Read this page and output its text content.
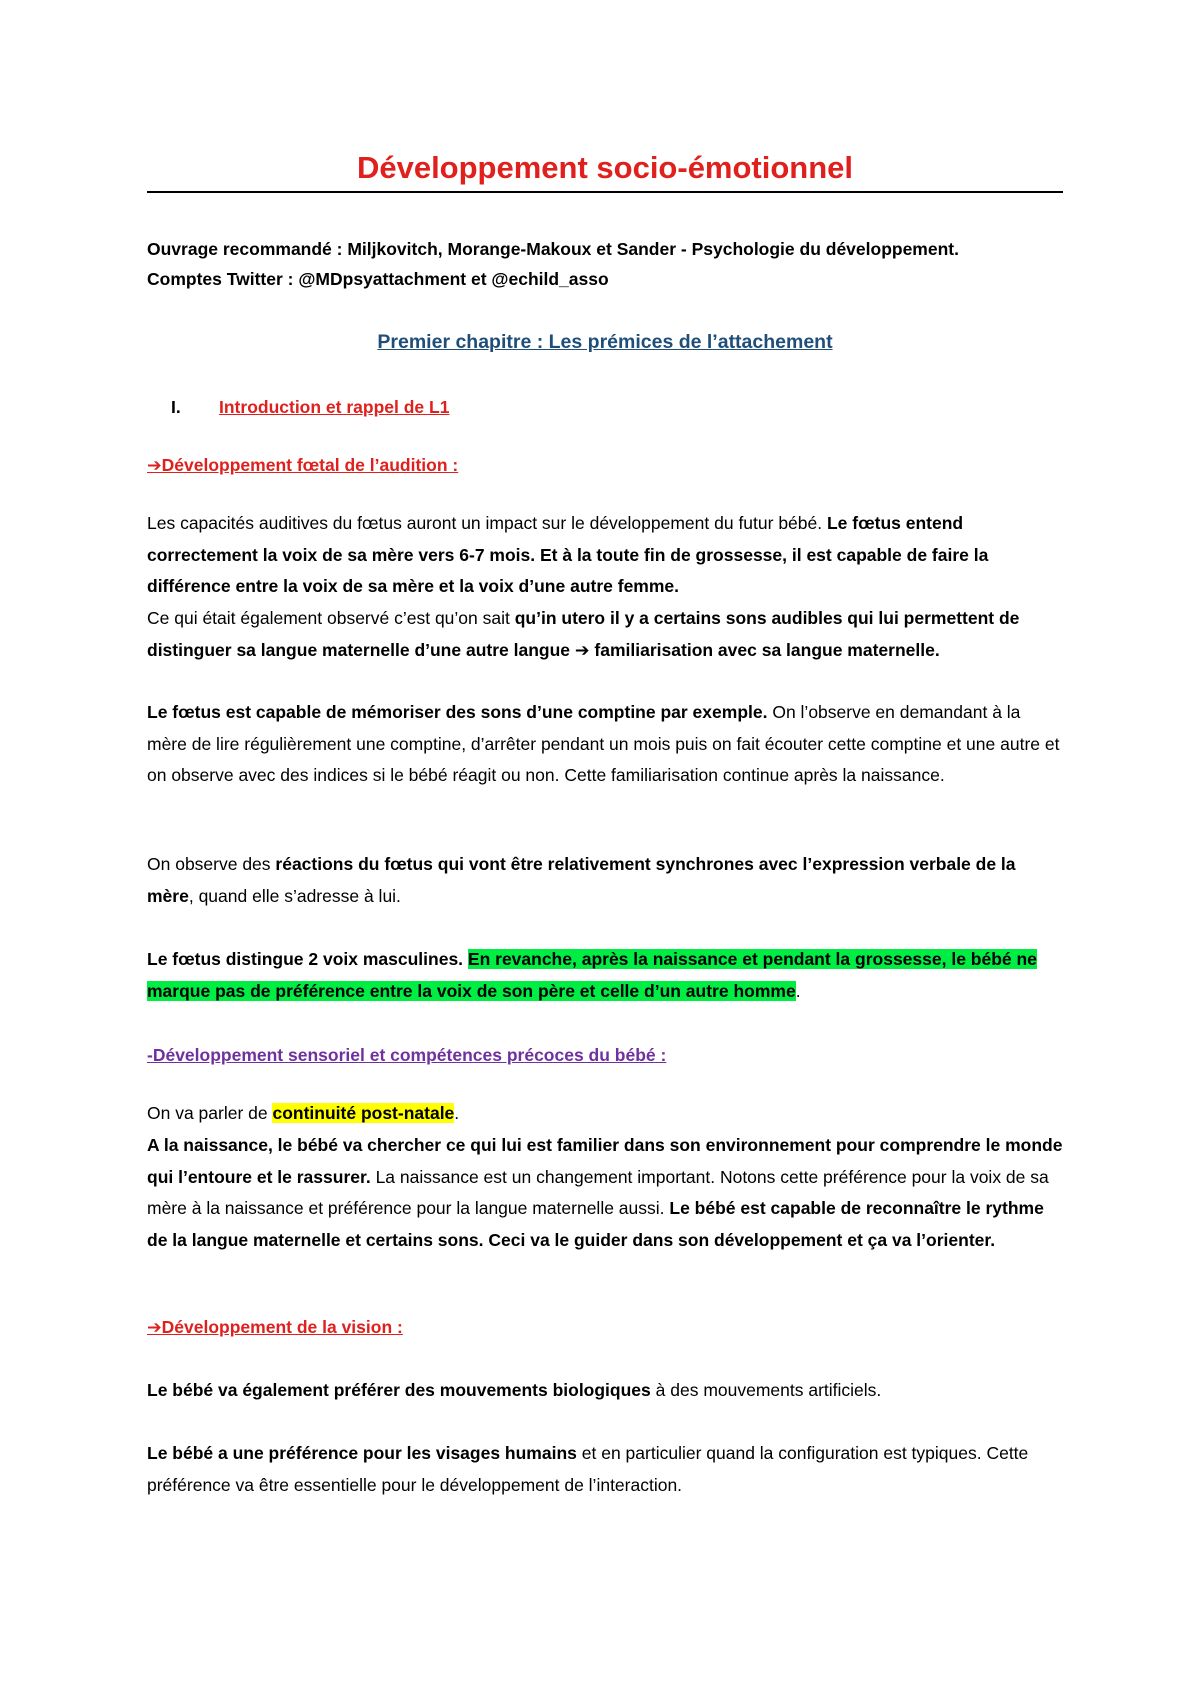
Développement socio-émotionnel
Ouvrage recommandé : Miljkovitch, Morange-Makoux et Sander - Psychologie du développement.
Comptes Twitter : @MDpsyattachment et @echild_asso
Premier chapitre : Les prémices de l’attachement
I. Introduction et rappel de L1
➔Développement fœtal de l’audition :
Les capacités auditives du fœtus auront un impact sur le développement du futur bébé. Le fœtus entend correctement la voix de sa mère vers 6-7 mois. Et à la toute fin de grossesse, il est capable de faire la différence entre la voix de sa mère et la voix d’une autre femme.
Ce qui était également observé c’est qu’on sait qu’in utero il y a certains sons audibles qui lui permettent de distinguer sa langue maternelle d’une autre langue ➔ familiarisation avec sa langue maternelle.
Le fœtus est capable de mémoriser des sons d’une comptine par exemple. On l’observe en demandant à la mère de lire régulièrement une comptine, d’arrêter pendant un mois puis on fait écouter cette comptine et une autre et on observe avec des indices si le bébé réagit ou non. Cette familiarisation continue après la naissance.
On observe des réactions du fœtus qui vont être relativement synchrones avec l’expression verbale de la mère, quand elle s’adresse à lui.
Le fœtus distingue 2 voix masculines. En revanche, après la naissance et pendant la grossesse, le bébé ne marque pas de préférence entre la voix de son père et celle d’un autre homme.
-Développement sensoriel et compétences précoces du bébé :
On va parler de continuité post-natale.
A la naissance, le bébé va chercher ce qui lui est familier dans son environnement pour comprendre le monde qui l’entoure et le rassurer. La naissance est un changement important. Notons cette préférence pour la voix de sa mère à la naissance et préférence pour la langue maternelle aussi. Le bébé est capable de reconnaître le rythme de la langue maternelle et certains sons. Ceci va le guider dans son développement et ça va l’orienter.
➔Développement de la vision :
Le bébé va également préférer des mouvements biologiques à des mouvements artificiels.
Le bébé a une préférence pour les visages humains et en particulier quand la configuration est typiques. Cette préférence va être essentielle pour le développement de l’interaction.
